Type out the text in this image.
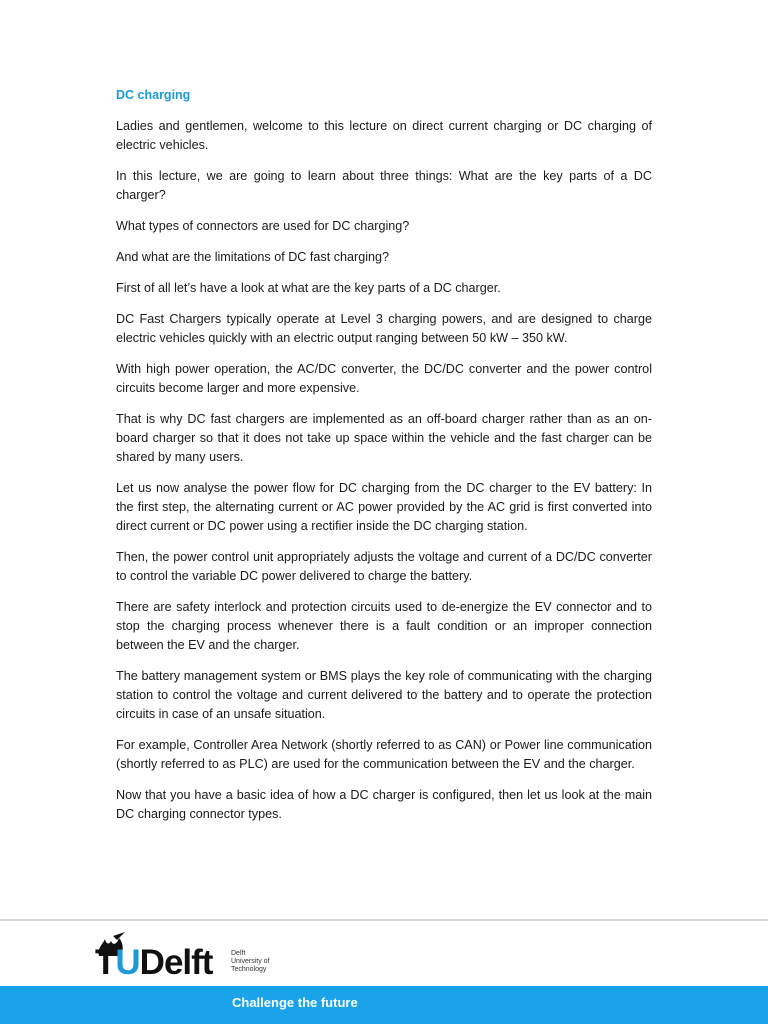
DC charging

Ladies and gentlemen, welcome to this lecture on direct current charging or DC charging of electric vehicles.

In this lecture, we are going to learn about three things: What are the key parts of a DC charger?

What types of connectors are used for DC charging?

And what are the limitations of DC fast charging?

First of all let’s have a look at what are the key parts of a DC charger.

DC Fast Chargers typically operate at Level 3 charging powers, and are designed to charge electric vehicles quickly with an electric output ranging between 50 kW – 350 kW.

With high power operation, the AC/DC converter, the DC/DC converter and the power control circuits become larger and more expensive.

That is why DC fast chargers are implemented as an off-board charger rather than as an on-board charger so that it does not take up space within the vehicle and the fast charger can be shared by many users.

Let us now analyse the power flow for DC charging from the DC charger to the EV battery: In the first step, the alternating current or AC power provided by the AC grid is first converted into direct current or DC power using a rectifier inside the DC charging station.

Then, the power control unit appropriately adjusts the voltage and current of a DC/DC converter to control the variable DC power delivered to charge the battery.

There are safety interlock and protection circuits used to de-energize the EV connector and to stop the charging process whenever there is a fault condition or an improper connection between the EV and the charger.

The battery management system or BMS plays the key role of communicating with the charging station to control the voltage and current delivered to the battery and to operate the protection circuits in case of an unsafe situation.

For example, Controller Area Network (shortly referred to as CAN) or Power line communication (shortly referred to as PLC) are used for the communication between the EV and the charger.

Now that you have a basic idea of how a DC charger is configured, then let us look at the main DC charging connector types.

TUDelft	Delft
University of
Technology
Challenge the future
